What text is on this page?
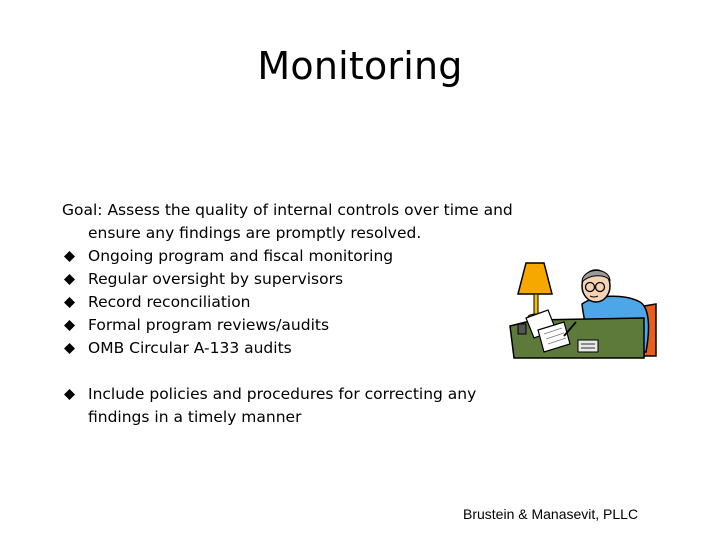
Monitoring

Goal: Assess the quality of internal controls over time and ensure any findings are promptly resolved.

Ongoing program and fiscal monitoring
Regular oversight by supervisors
Record reconciliation
Formal program reviews/audits
OMB Circular A-133 audits
Include policies and procedures for correcting any findings in a timely manner
Brustein & Manasevit, PLLC
